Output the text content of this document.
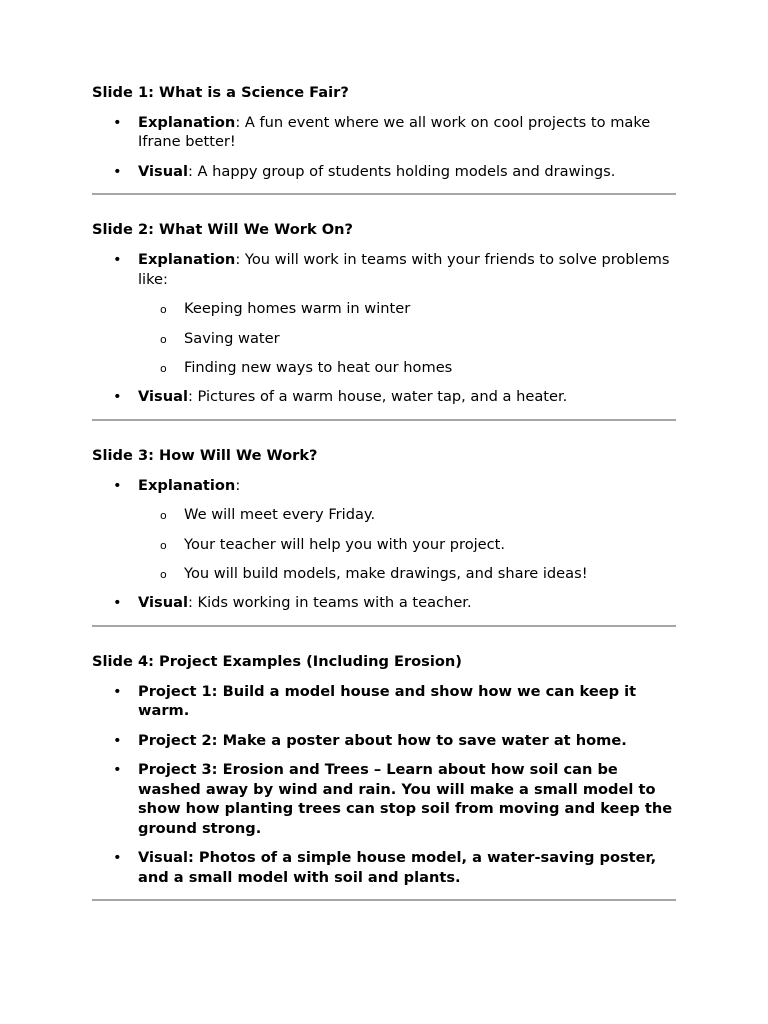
Slide 1: What is a Science Fair?

• Explanation: A fun event where we all work on cool projects to make Ifrane better!
• Visual: A happy group of students holding models and drawings.

Slide 2: What Will We Work On?

• Explanation: You will work in teams with your friends to solve problems like:
o Keeping homes warm in winter
o Saving water
o Finding new ways to heat our homes
• Visual: Pictures of a warm house, water tap, and a heater.

Slide 3: How Will We Work?

• Explanation:
o We will meet every Friday.
o Your teacher will help you with your project.
o You will build models, make drawings, and share ideas!
• Visual: Kids working in teams with a teacher.

Slide 4: Project Examples (Including Erosion)

• Project 1: Build a model house and show how we can keep it warm.
• Project 2: Make a poster about how to save water at home.
• Project 3: Erosion and Trees – Learn about how soil can be washed away by wind and rain. You will make a small model to show how planting trees can stop soil from moving and keep the ground strong.
• Visual: Photos of a simple house model, a water-saving poster, and a small model with soil and plants.
